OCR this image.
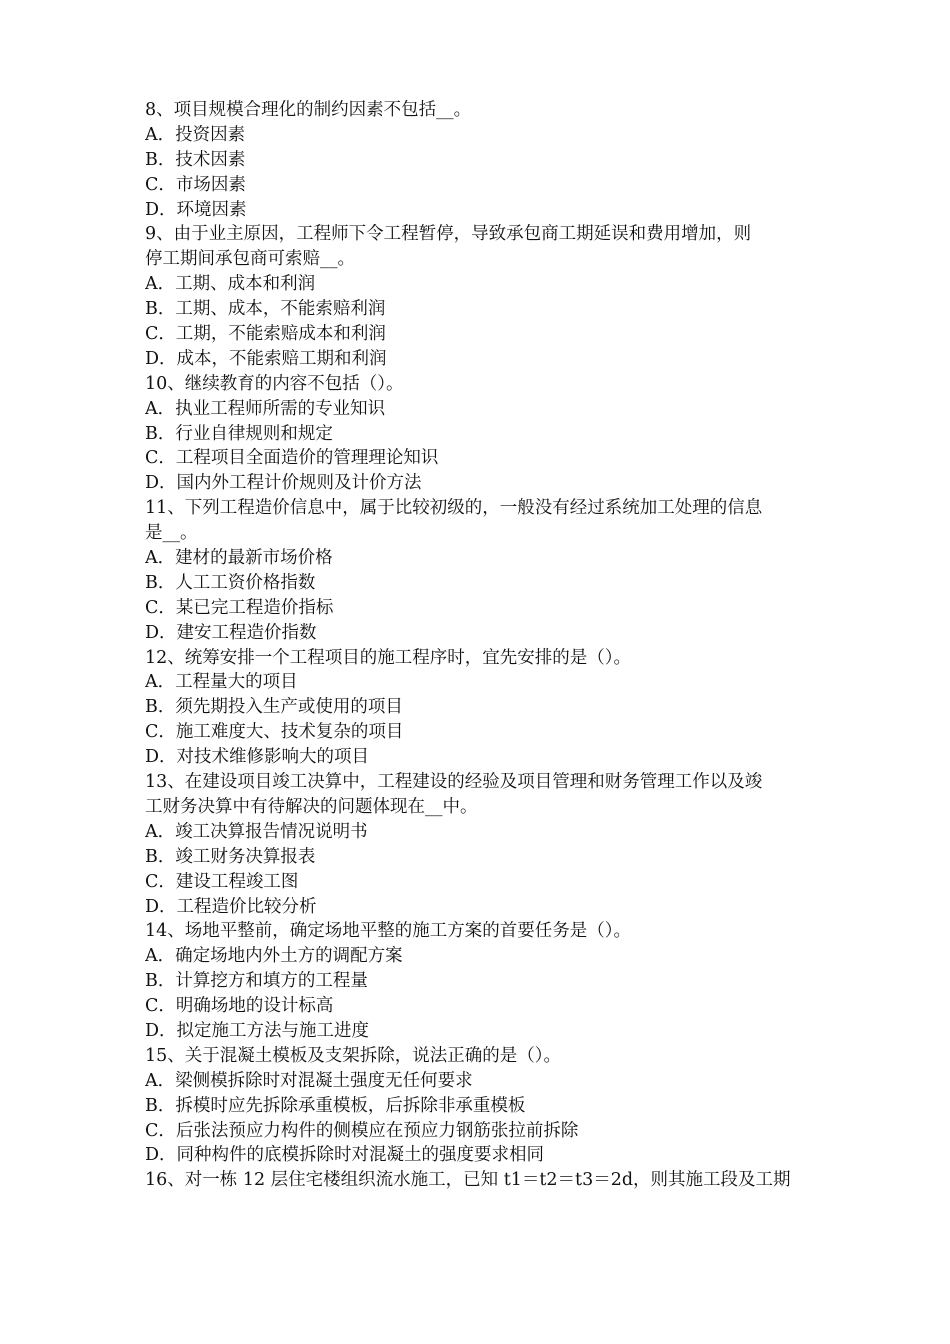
8、项目规模合理化的制约因素不包括__。
A．投资因素
B．技术因素
C．市场因素
D．环境因素
9、由于业主原因，工程师下令工程暂停，导致承包商工期延误和费用增加，则
停工期间承包商可索赔__。
A．工期、成本和利润
B．工期、成本，不能索赔利润
C．工期，不能索赔成本和利润
D．成本，不能索赔工期和利润
10、继续教育的内容不包括（）。
A．执业工程师所需的专业知识
B．行业自律规则和规定
C．工程项目全面造价的管理理论知识
D．国内外工程计价规则及计价方法
11、下列工程造价信息中，属于比较初级的，一般没有经过系统加工处理的信息
是__。
A．建材的最新市场价格
B．人工工资价格指数
C．某已完工程造价指标
D．建安工程造价指数
12、统筹安排一个工程项目的施工程序时，宜先安排的是（）。
A．工程量大的项目
B．须先期投入生产或使用的项目
C．施工难度大、技术复杂的项目
D．对技术维修影响大的项目
13、在建设项目竣工决算中，工程建设的经验及项目管理和财务管理工作以及竣
工财务决算中有待解决的问题体现在__中。
A．竣工决算报告情况说明书
B．竣工财务决算报表
C．建设工程竣工图
D．工程造价比较分析
14、场地平整前，确定场地平整的施工方案的首要任务是（）。
A．确定场地内外土方的调配方案
B．计算挖方和填方的工程量
C．明确场地的设计标高
D．拟定施工方法与施工进度
15、关于混凝土模板及支架拆除，说法正确的是（）。
A．梁侧模拆除时对混凝土强度无任何要求
B．拆模时应先拆除承重模板，后拆除非承重模板
C．后张法预应力构件的侧模应在预应力钢筋张拉前拆除
D．同种构件的底模拆除时对混凝土的强度要求相同
16、对一栋 12 层住宅楼组织流水施工，已知 t1＝t2＝t3＝2d，则其施工段及工期
